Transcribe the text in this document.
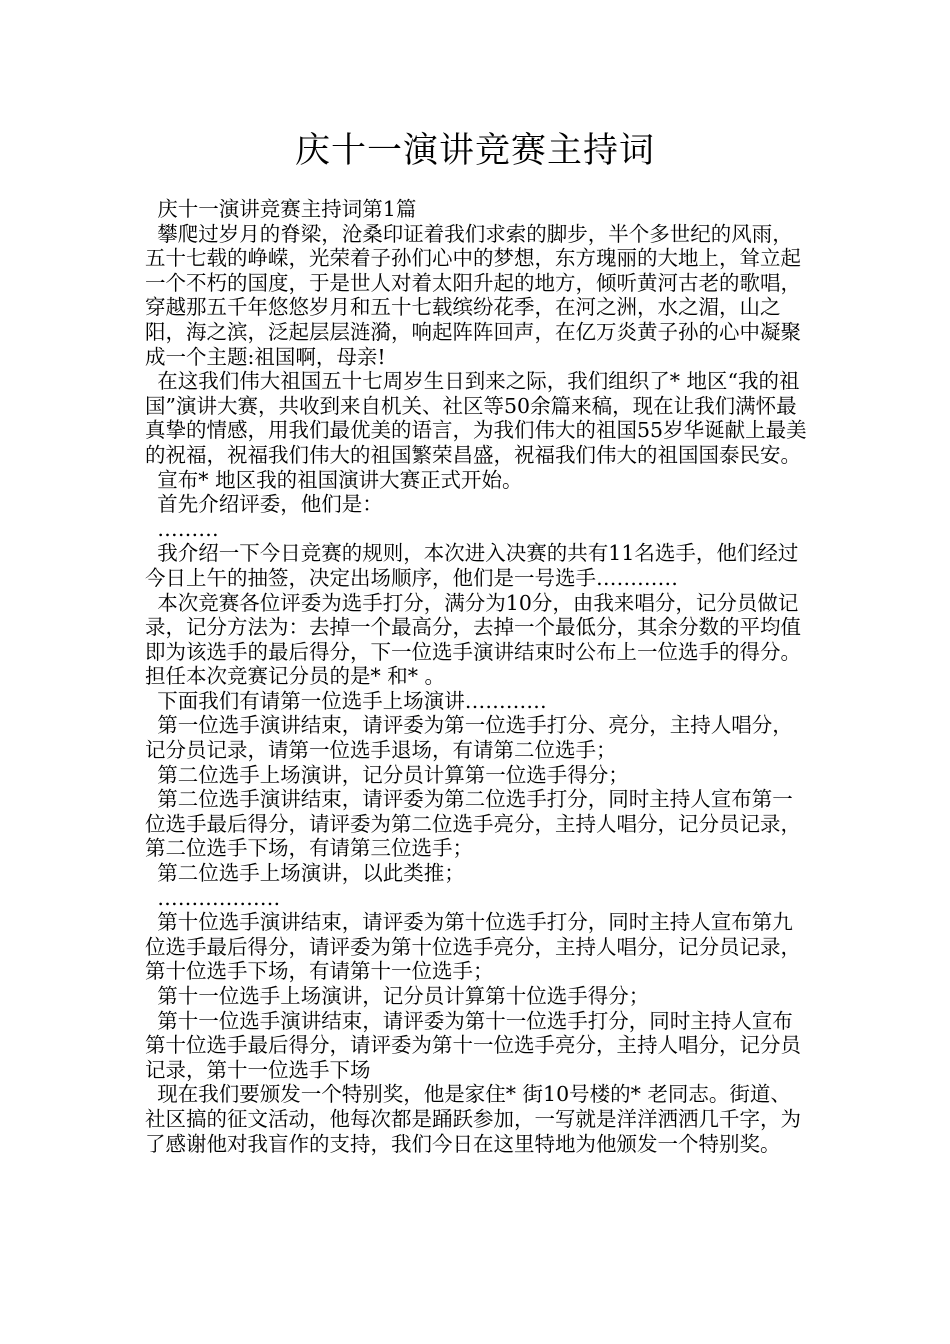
庆十一演讲竞赛主持词

庆十一演讲竞赛主持词第1篇

攀爬过岁月的脊梁，沧桑印证着我们求索的脚步，半个多世纪的风雨，五十七载的峥嵘，光荣着子孙们心中的梦想，东方瑰丽的大地上，耸立起一个不朽的国度，于是世人对着太阳升起的地方，倾听黄河古老的歌唱，穿越那五千年悠悠岁月和五十七载缤纷花季，在河之洲，水之湄，山之阳，海之滨，泛起层层涟漪，响起阵阵回声，在亿万炎黄子孙的心中凝聚成一个主题:祖国啊，母亲!

在这我们伟大祖国五十七周岁生日到来之际，我们组织了* 地区“我的祖国”演讲大赛，共收到来自机关、社区等50余篇来稿，现在让我们满怀最真挚的情感，用我们最优美的语言，为我们伟大的祖国55岁华诞献上最美的祝福，祝福我们伟大的祖国繁荣昌盛，祝福我们伟大的祖国国泰民安。

宣布* 地区我的祖国演讲大赛正式开始。

首先介绍评委，他们是：

………

我介绍一下今日竞赛的规则，本次进入决赛的共有11名选手，他们经过今日上午的抽签，决定出场顺序，他们是一号选手…………

本次竞赛各位评委为选手打分，满分为10分，由我来唱分，记分员做记录，记分方法为：去掉一个最高分，去掉一个最低分，其余分数的平均值即为该选手的最后得分，下一位选手演讲结束时公布上一位选手的得分。担任本次竞赛记分员的是* 和* 。

下面我们有请第一位选手上场演讲…………

第一位选手演讲结束，请评委为第一位选手打分、亮分，主持人唱分，记分员记录，请第一位选手退场，有请第二位选手；

第二位选手上场演讲，记分员计算第一位选手得分；

第二位选手演讲结束，请评委为第二位选手打分，同时主持人宣布第一位选手最后得分，请评委为第二位选手亮分，主持人唱分，记分员记录，第二位选手下场，有请第三位选手；

第二位选手上场演讲，以此类推；

………………

第十位选手演讲结束，请评委为第十位选手打分，同时主持人宣布第九位选手最后得分，请评委为第十位选手亮分，主持人唱分，记分员记录，第十位选手下场，有请第十一位选手；

第十一位选手上场演讲，记分员计算第十位选手得分；

第十一位选手演讲结束，请评委为第十一位选手打分，同时主持人宣布第十位选手最后得分，请评委为第十一位选手亮分，主持人唱分，记分员记录，第十一位选手下场

现在我们要颁发一个特别奖，他是家住* 街10号楼的* 老同志。街道、社区搞的征文活动，他每次都是踊跃参加，一写就是洋洋洒洒几千字，为了感谢他对我盲作的支持，我们今日在这里特地为他颁发一个特别奖。
